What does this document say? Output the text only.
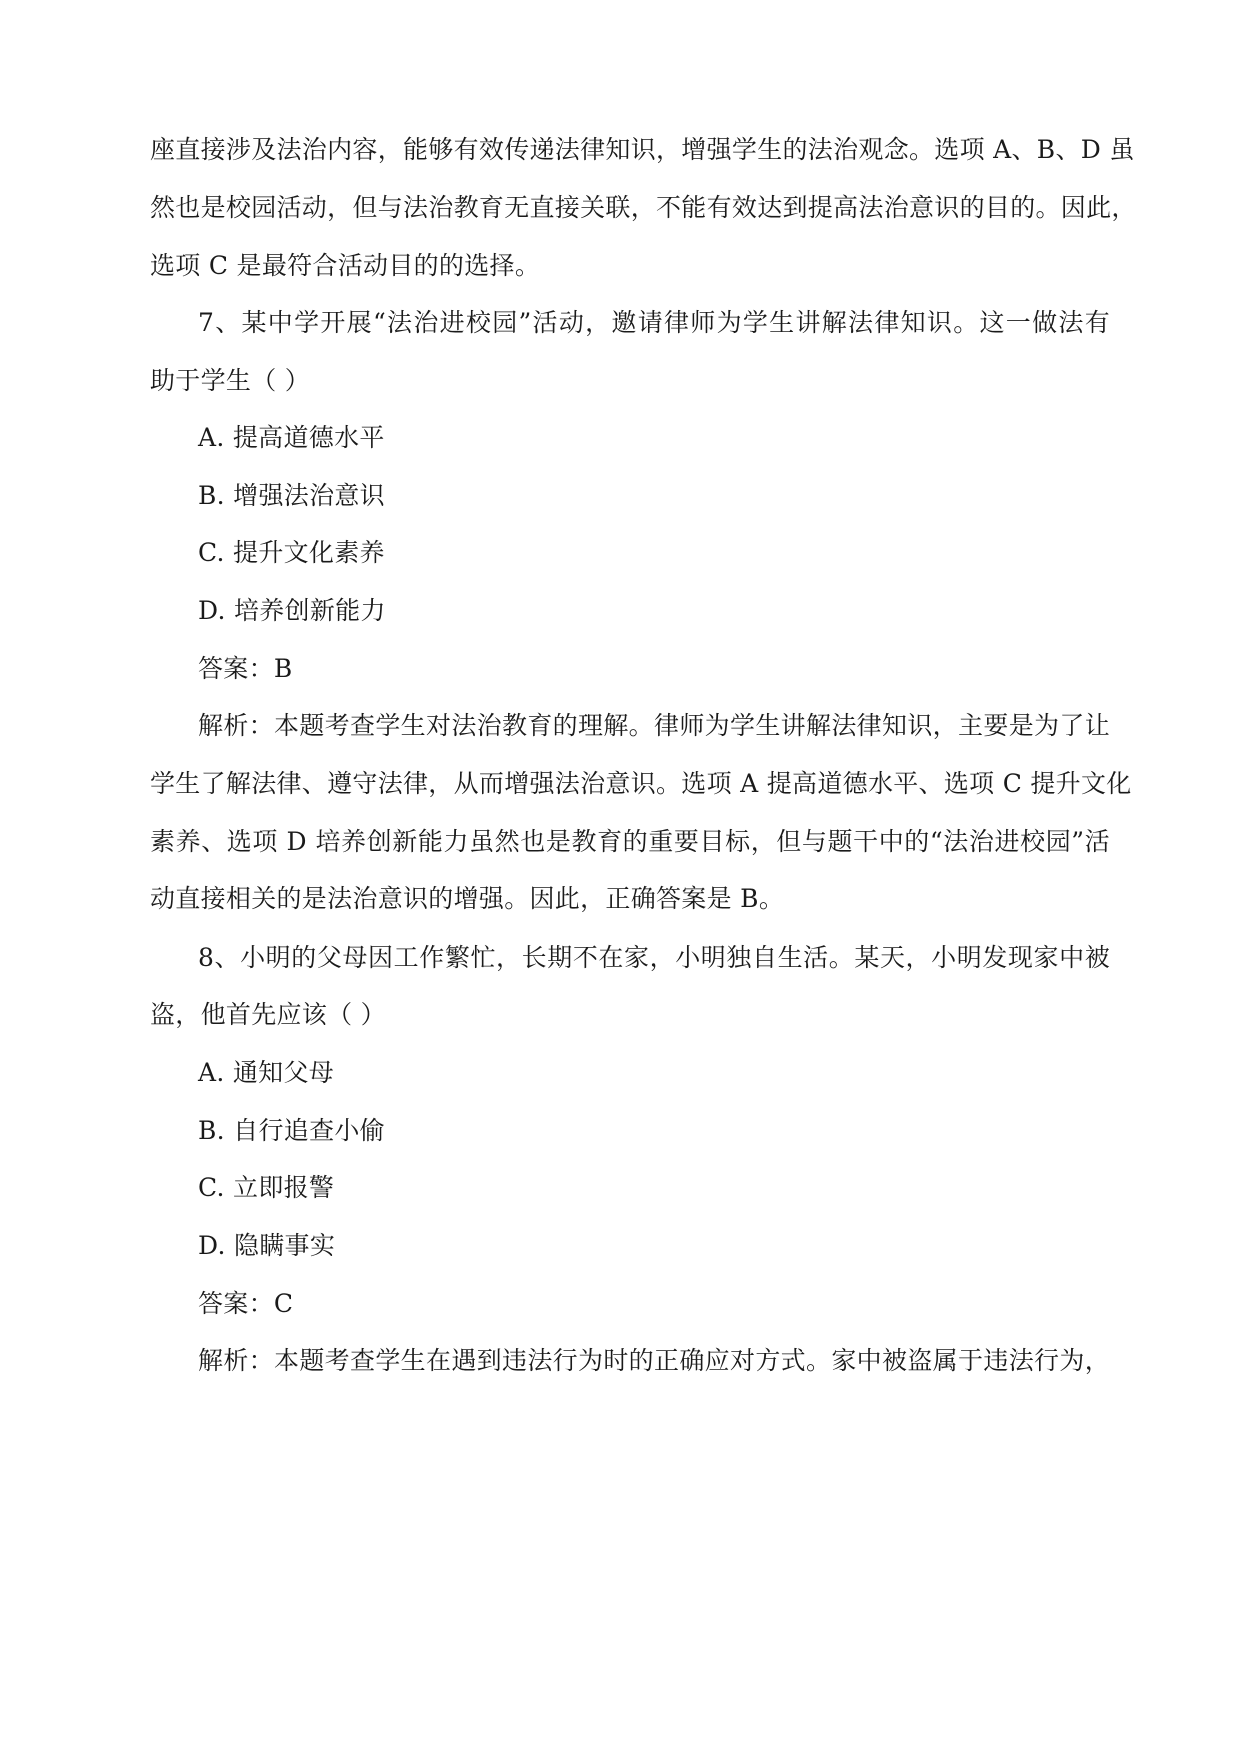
座直接涉及法治内容，能够有效传递法律知识，增强学生的法治观念。选项 A、B、D 虽
然也是校园活动，但与法治教育无直接关联，不能有效达到提高法治意识的目的。因此，
选项 C 是最符合活动目的的选择。
7、某中学开展“法治进校园”活动，邀请律师为学生讲解法律知识。这一做法有
助于学生（ ）
A. 提高道德水平
B. 增强法治意识
C. 提升文化素养
D. 培养创新能力
答案：B
解析：本题考查学生对法治教育的理解。律师为学生讲解法律知识，主要是为了让
学生了解法律、遵守法律，从而增强法治意识。选项 A 提高道德水平、选项 C 提升文化
素养、选项 D 培养创新能力虽然也是教育的重要目标，但与题干中的“法治进校园”活
动直接相关的是法治意识的增强。因此，正确答案是 B。
8、小明的父母因工作繁忙，长期不在家，小明独自生活。某天，小明发现家中被
盗，他首先应该（ ）
A. 通知父母
B. 自行追查小偷
C. 立即报警
D. 隐瞒事实
答案：C
解析：本题考查学生在遇到违法行为时的正确应对方式。家中被盗属于违法行为，
